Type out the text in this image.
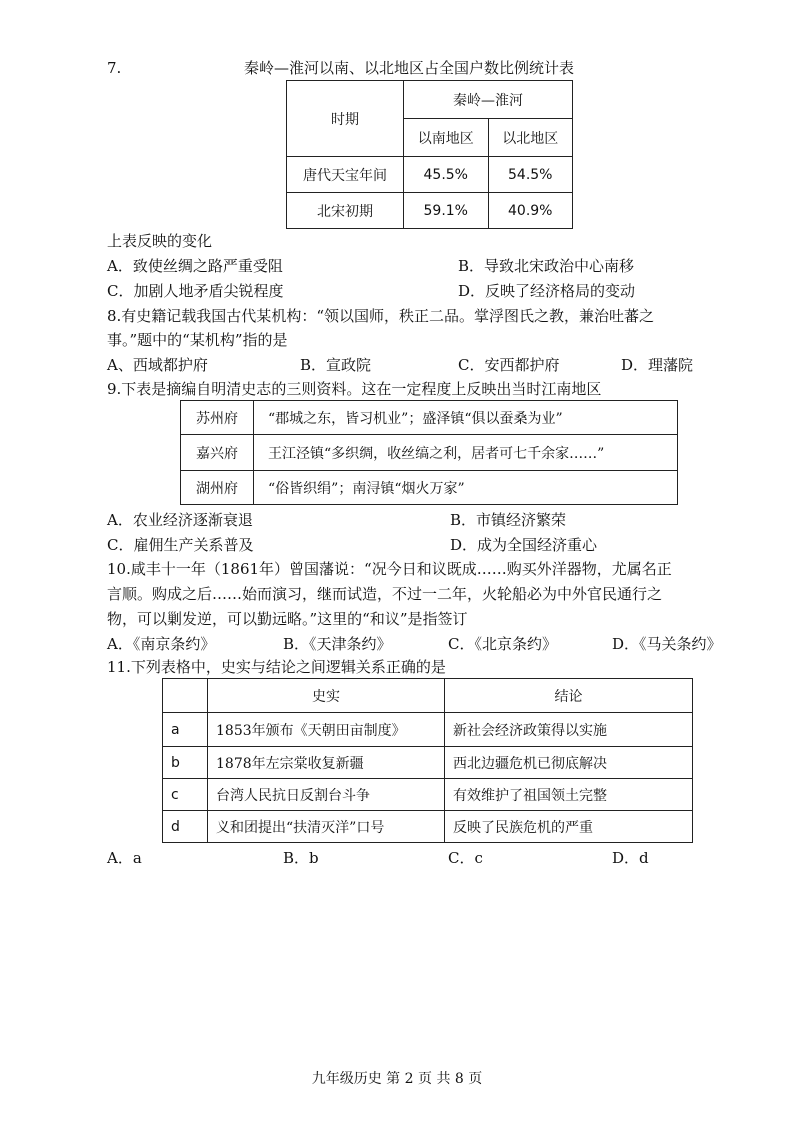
7.	秦岭—淮河以南、以北地区占全国户数比例统计表
时期	秦岭—淮河	
	以南地区	以北地区
唐代天宝年间	45.5%	54.5%
北宋初期	59.1%	40.9%
上表反映的变化
A．致使丝绸之路严重受阻	B．导致北宋政治中心南移
C．加剧人地矛盾尖锐程度	D．反映了经济格局的变动
8.有史籍记载我国古代某机构：“领以国师，秩正二品。掌浮图氏之教，兼治吐蕃之
事。”题中的“某机构”指的是
A、西域都护府	B．宣政院	C．安西都护府	D．理藩院
9.下表是摘编自明清史志的三则资料。这在一定程度上反映出当时江南地区
苏州府	“郡城之东，皆习机业”；盛泽镇“俱以蚕桑为业”
嘉兴府	王江泾镇“多织绸，收丝缟之利，居者可七千余家……”
湖州府	“俗皆织绢”；南浔镇“烟火万家”
A．农业经济逐渐衰退	B．市镇经济繁荣
C．雇佣生产关系普及	D．成为全国经济重心
10.咸丰十一年（1861年）曾国藩说：“况今日和议既成……购买外洋器物，尤属名正
言顺。购成之后……始而演习，继而试造，不过一二年，火轮船必为中外官民通行之
物，可以剿发逆，可以勤远略。”这里的“和议”是指签订
A．《南京条约》	B．《天津条约》	C．《北京条约》	D．《马关条约》
11.下列表格中，史实与结论之间逻辑关系正确的是
	史实	结论
a	1853年颁布《天朝田亩制度》	新社会经济政策得以实施
b	1878年左宗棠收复新疆	西北边疆危机已彻底解决
c	台湾人民抗日反割台斗争	有效维护了祖国领土完整
d	义和团提出“扶清灭洋”口号	反映了民族危机的严重
A．a	B．b	C．c	D．d
九年级历史 第 2 页 共 8 页
